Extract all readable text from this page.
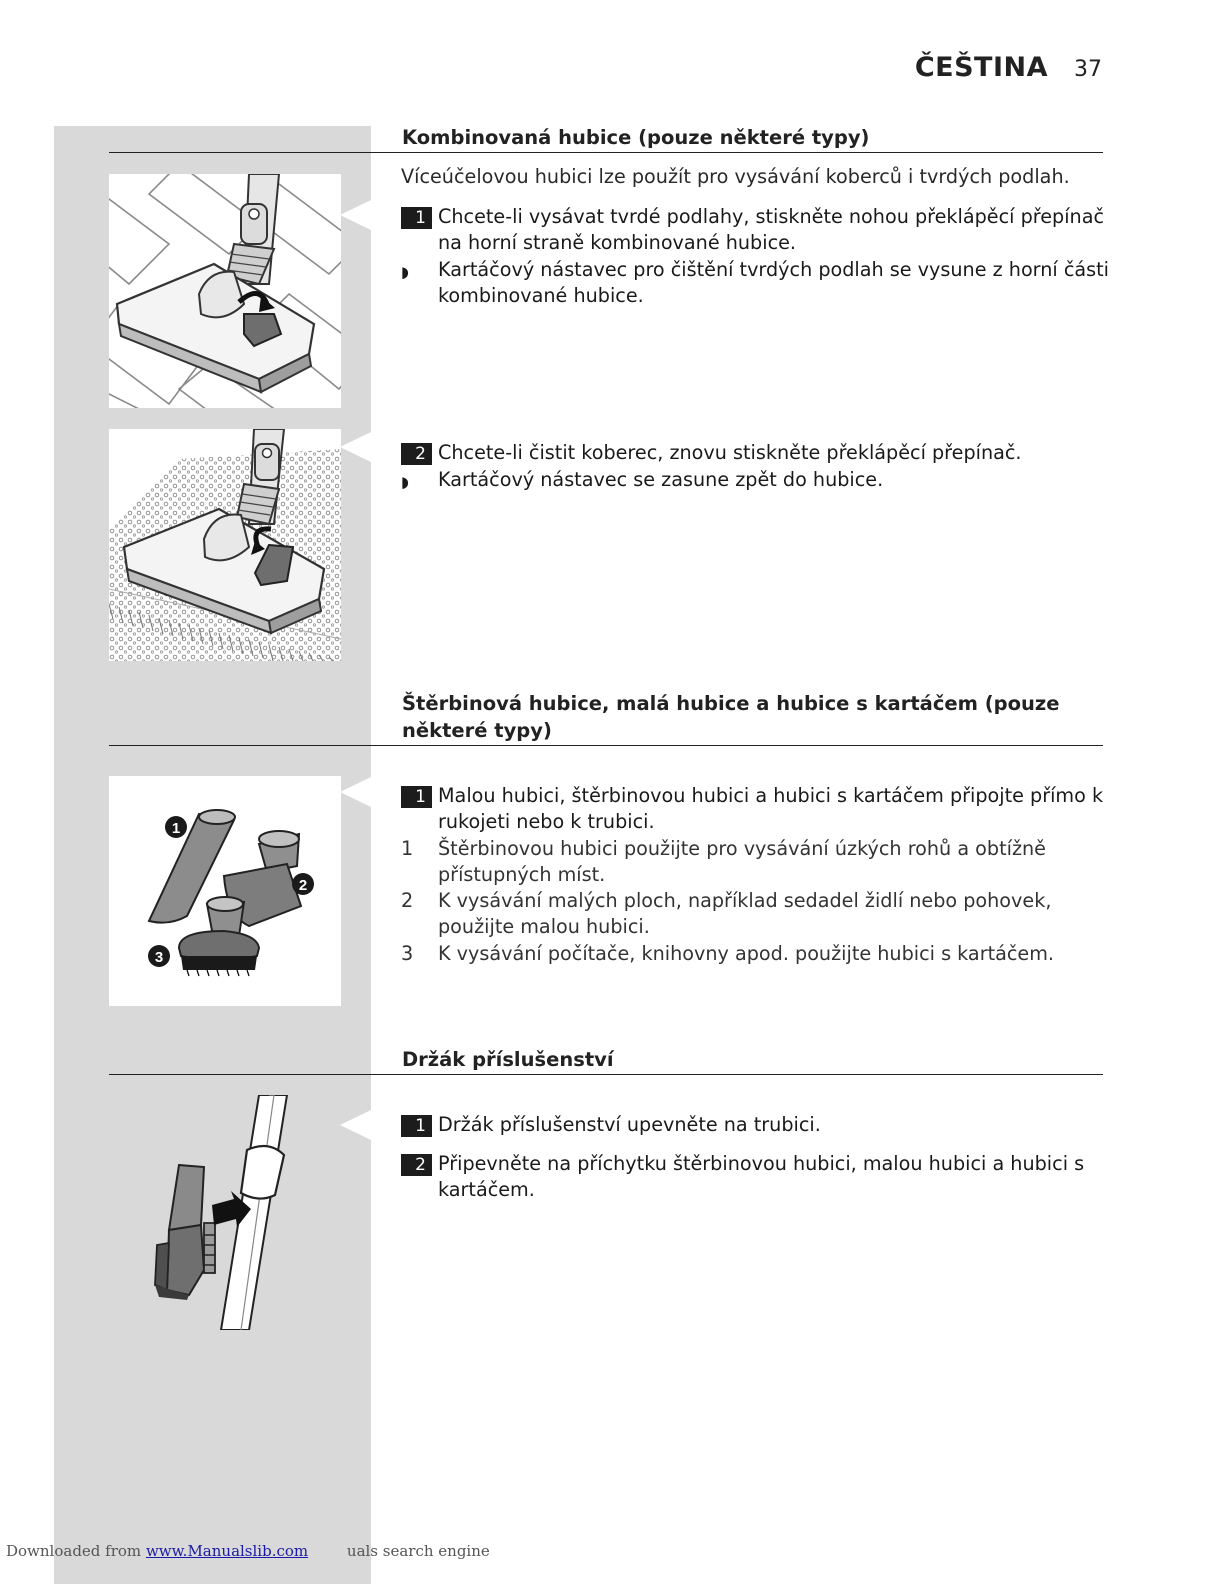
ČEŠTINA 37
Kombinovaná hubice (pouze některé typy)
Víceúčelovou hubici lze použít pro vysávání koberců i tvrdých podlah.
1 Chcete-li vysávat tvrdé podlahy, stiskněte nohou překlápěcí přepínač na horní straně kombinované hubice.
◗ Kartáčový nástavec pro čištění tvrdých podlah se vysune z horní části kombinované hubice.
2 Chcete-li čistit koberec, znovu stiskněte překlápěcí přepínač.
◗ Kartáčový nástavec se zasune zpět do hubice.
Štěrbinová hubice, malá hubice a hubice s kartáčem (pouze některé typy)
1 Malou hubici, štěrbinovou hubici a hubici s kartáčem připojte přímo k rukojeti nebo k trubici.
1 Štěrbinovou hubici použijte pro vysávání úzkých rohů a obtížně přístupných míst.
2 K vysávání malých ploch, například sedadel židlí nebo pohovek, použijte malou hubici.
3 K vysávání počítače, knihovny apod. použijte hubici s kartáčem.
1
2
3
Držák příslušenství
1 Držák příslušenství upevněte na trubici.
2 Připevněte na příchytku štěrbinovou hubici, malou hubici a hubici s kartáčem.
Downloaded from www.Manualslib.com	uals search engine
